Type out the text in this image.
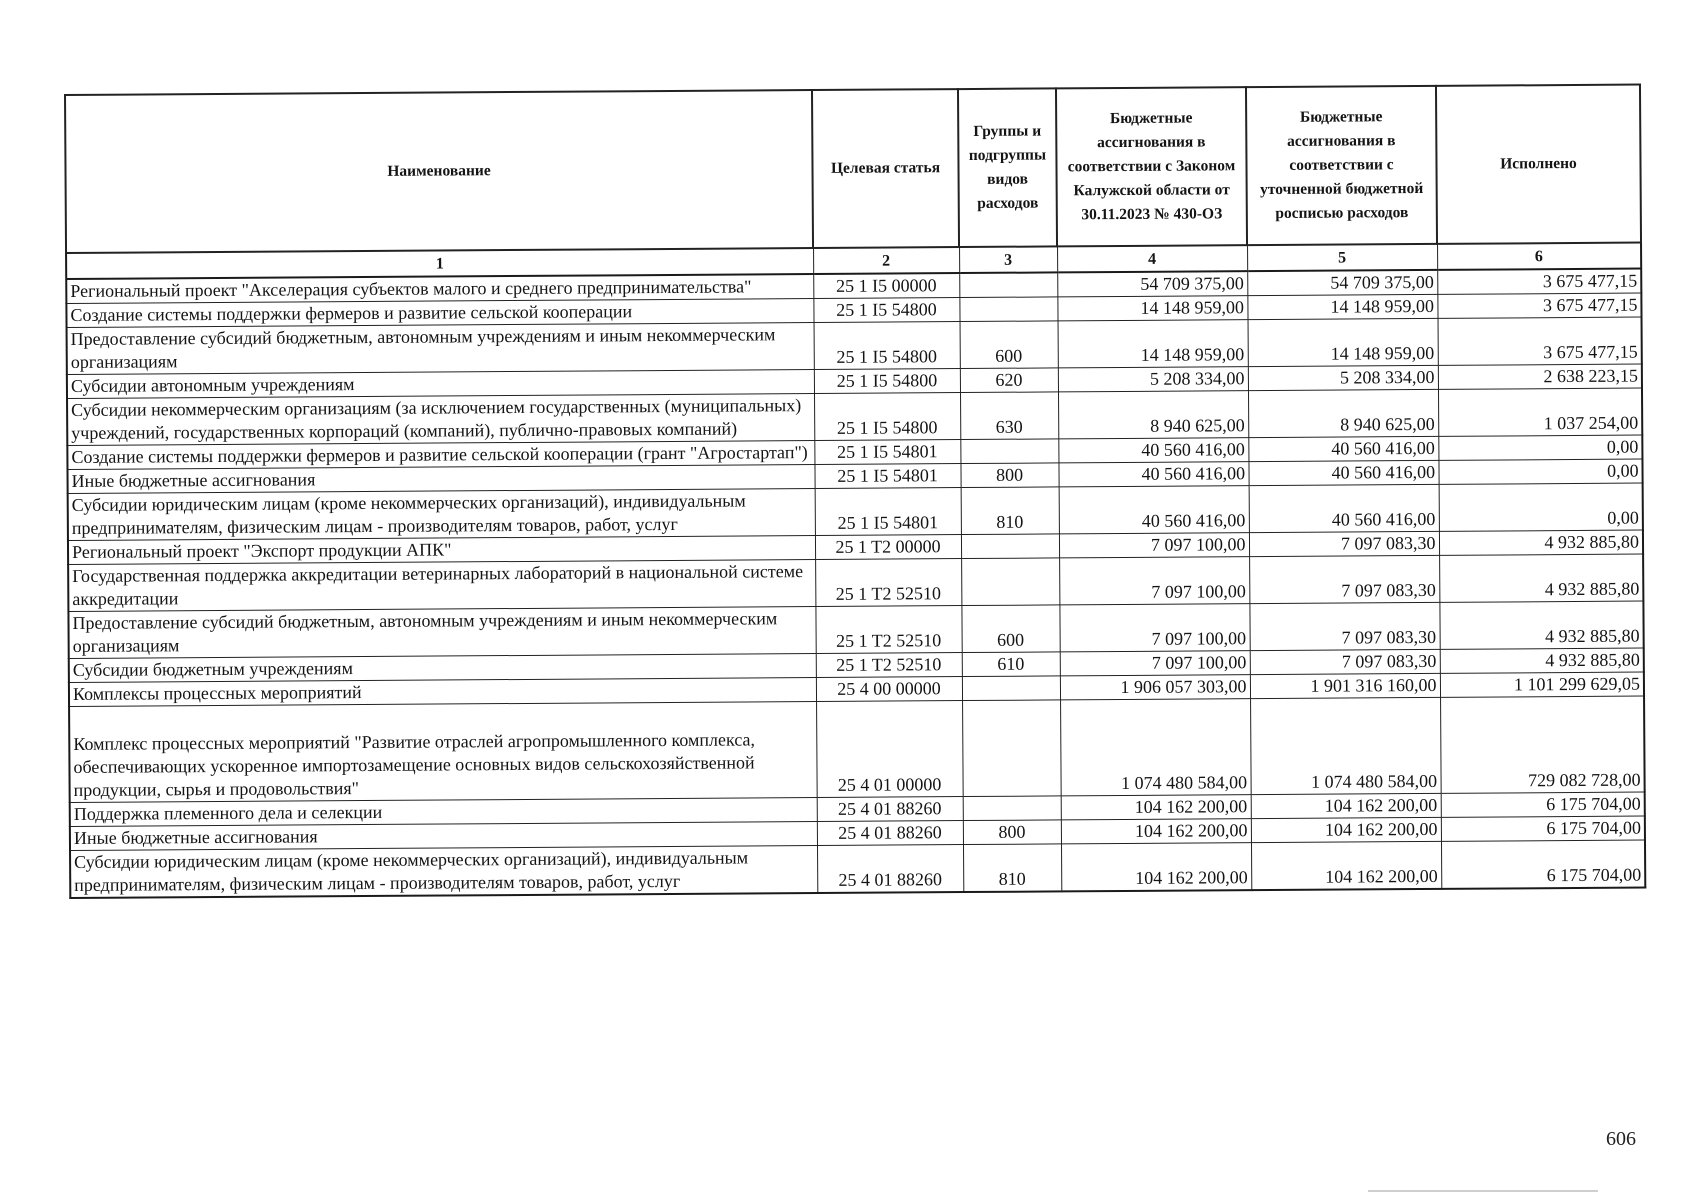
Наименование	Целевая статья	Группы и подгруппы видов расходов	Бюджетные ассигнования в соответствии с Законом Калужской области от 30.11.2023 № 430-ОЗ	Бюджетные ассигнования в соответствии с уточненной бюджетной росписью расходов	Исполнено
1	2	3	4	5	6
Региональный проект "Акселерация субъектов малого и среднего предпринимательства"	25 1 I5 00000		54 709 375,00	54 709 375,00	3 675 477,15
Создание системы поддержки фермеров и развитие сельской кооперации	25 1 I5 54800		14 148 959,00	14 148 959,00	3 675 477,15
Предоставление субсидий бюджетным, автономным учреждениям и иным некоммерческим организациям	25 1 I5 54800	600	14 148 959,00	14 148 959,00	3 675 477,15
Субсидии автономным учреждениям	25 1 I5 54800	620	5 208 334,00	5 208 334,00	2 638 223,15
Субсидии некоммерческим организациям (за исключением государственных (муниципальных) учреждений, государственных корпораций (компаний), публично-правовых компаний)	25 1 I5 54800	630	8 940 625,00	8 940 625,00	1 037 254,00
Создание системы поддержки фермеров и развитие сельской кооперации (грант "Агростартап")	25 1 I5 54801		40 560 416,00	40 560 416,00	0,00
Иные бюджетные ассигнования	25 1 I5 54801	800	40 560 416,00	40 560 416,00	0,00
Субсидии юридическим лицам (кроме некоммерческих организаций), индивидуальным предпринимателям, физическим лицам - производителям товаров, работ, услуг	25 1 I5 54801	810	40 560 416,00	40 560 416,00	0,00
Региональный проект "Экспорт продукции АПК"	25 1 T2 00000		7 097 100,00	7 097 083,30	4 932 885,80
Государственная поддержка аккредитации ветеринарных лабораторий в национальной системе аккредитации	25 1 T2 52510		7 097 100,00	7 097 083,30	4 932 885,80
Предоставление субсидий бюджетным, автономным учреждениям и иным некоммерческим организациям	25 1 T2 52510	600	7 097 100,00	7 097 083,30	4 932 885,80
Субсидии бюджетным учреждениям	25 1 T2 52510	610	7 097 100,00	7 097 083,30	4 932 885,80
Комплексы процессных мероприятий	25 4 00 00000		1 906 057 303,00	1 901 316 160,00	1 101 299 629,05
Комплекс процессных мероприятий "Развитие отраслей агропромышленного комплекса, обеспечивающих ускоренное импортозамещение основных видов сельскохозяйственной продукции, сырья и продовольствия"	25 4 01 00000		1 074 480 584,00	1 074 480 584,00	729 082 728,00
Поддержка племенного дела и селекции	25 4 01 88260		104 162 200,00	104 162 200,00	6 175 704,00
Иные бюджетные ассигнования	25 4 01 88260	800	104 162 200,00	104 162 200,00	6 175 704,00
Субсидии юридическим лицам (кроме некоммерческих организаций), индивидуальным предпринимателям, физическим лицам - производителям товаров, работ, услуг	25 4 01 88260	810	104 162 200,00	104 162 200,00	6 175 704,00
606
